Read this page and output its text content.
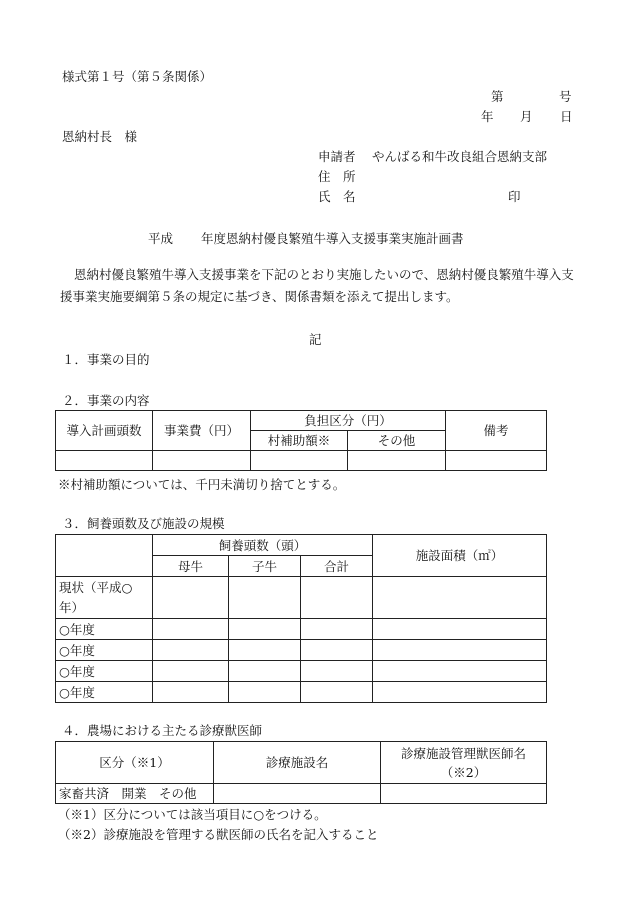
様式第１号（第５条関係）
第	号
年 月 日
恩納村長　様
申請者 やんばる和牛改良組合恩納支部
住　所
氏　名	印
平成 年度恩納村優良繁殖牛導入支援事業実施計画書
恩納村優良繁殖牛導入支援事業を下記のとおり実施したいので、恩納村優良繁殖牛導入支援事業実施要綱第５条の規定に基づき、関係書類を添えて提出します。
記
１．事業の目的
２．事業の内容
導入計画頭数	事業費（円）	負担区分（円）		備考
		村補助額※	その他	

※村補助額については、千円未満切り捨てとする。
３．飼養頭数及び施設の規模
	飼養頭数（頭）			施設面積（㎡）
	母牛	子牛	合計	

現状（平成○
年）				

○年度				
○年度				
○年度				
○年度				
４．農場における主たる診療獣医師
区分（※1）	診療施設名	診療施設管理獣医師名
（※2）

家畜共済　開業　その他		
（※1）区分については該当項目に○をつける。
（※2）診療施設を管理する獣医師の氏名を記入すること
